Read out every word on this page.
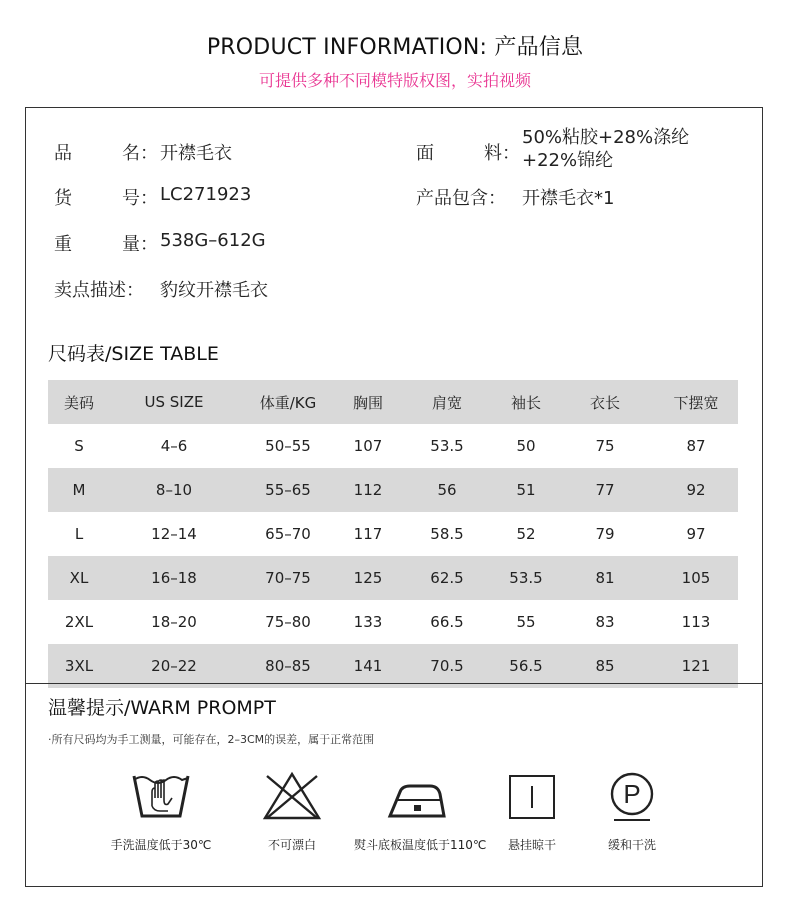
PRODUCT INFORMATION: 产品信息
可提供多种不同模特版权图，实拍视频
品	名 ： 开襟毛衣
货	号 ： LC271923
重	量 ： 538G–612G
卖点描述： 豹纹开襟毛衣
面	料 ：
50%粘胶+28%涤纶
+22%锦纶
产品包含： 开襟毛衣*1
尺码表/SIZE TABLE
美码	US SIZE	体重/KG	胸围	肩宽	袖长	衣长	下摆宽
S	4–6	50–55	107	53.5	50	75	87
M	8–10	55–65	112	56	51	77	92
L	12–14	65–70	117	58.5	52	79	97
XL	16–18	70–75	125	62.5	53.5	81	105
2XL	18–20	75–80	133	66.5	55	83	113
3XL	20–22	80–85	141	70.5	56.5	85	121
温馨提示/WARM PROMPT
·所有尺码均为手工测量，可能存在，2–3CM的误差，属于正常范围
手洗温度低于30℃	不可漂白	熨斗底板温度低于110℃	悬挂晾干
P
缓和干洗
